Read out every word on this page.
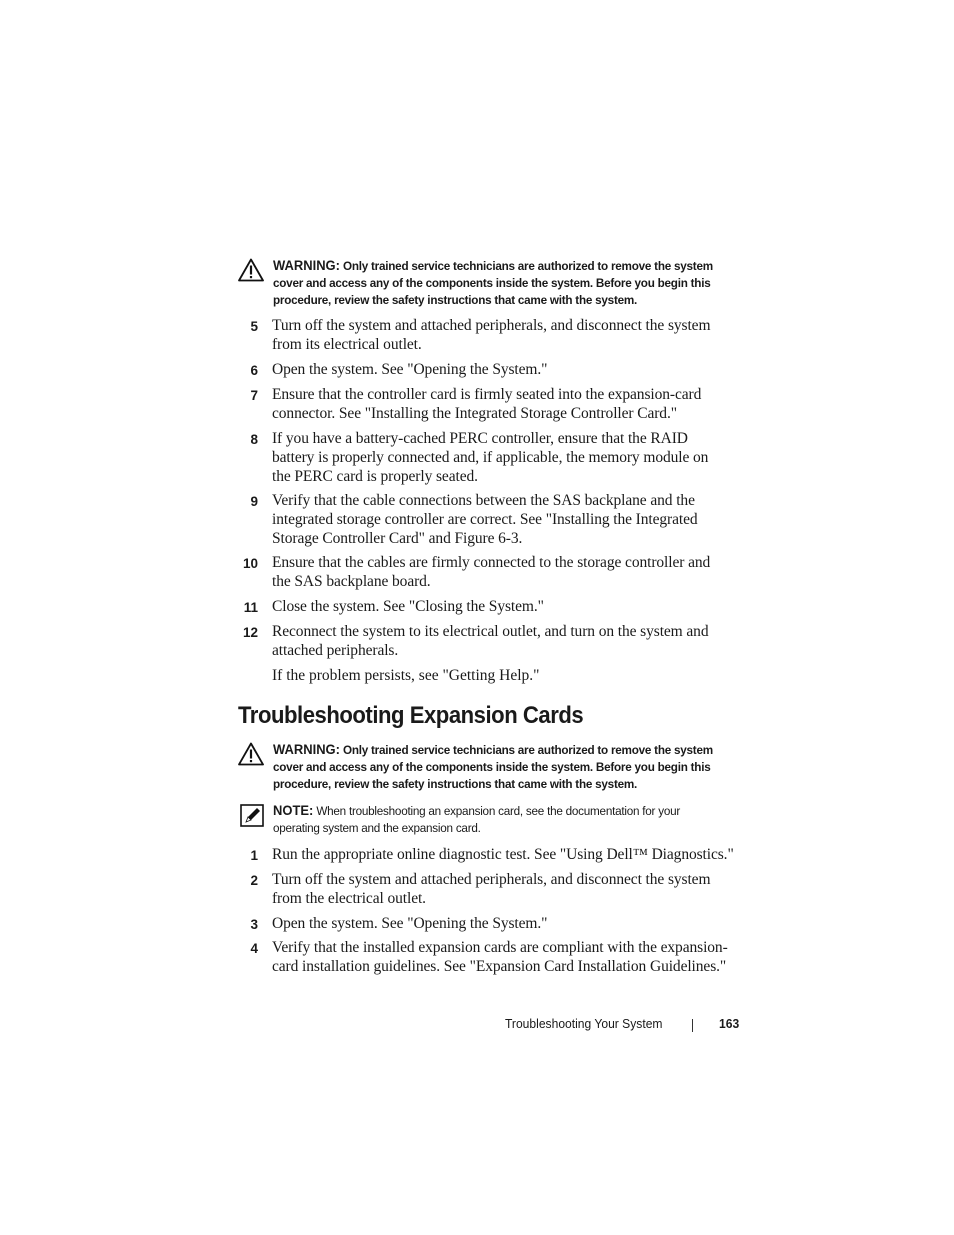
WARNING: Only trained service technicians are authorized to remove the system
cover and access any of the components inside the system. Before you begin this
procedure, review the safety instructions that came with the system.
5 Turn off the system and attached peripherals, and disconnect the system
from its electrical outlet.
6 Open the system. See "Opening the System."
7 Ensure that the controller card is firmly seated into the expansion-card
connector. See "Installing the Integrated Storage Controller Card."
8 If you have a battery-cached PERC controller, ensure that the RAID
battery is properly connected and, if applicable, the memory module on
the PERC card is properly seated.
9 Verify that the cable connections between the SAS backplane and the
integrated storage controller are correct. See "Installing the Integrated
Storage Controller Card" and Figure 6-3.
10 Ensure that the cables are firmly connected to the storage controller and
the SAS backplane board.
11 Close the system. See "Closing the System."
12 Reconnect the system to its electrical outlet, and turn on the system and
attached peripherals.
If the problem persists, see "Getting Help."
Troubleshooting Expansion Cards
WARNING: Only trained service technicians are authorized to remove the system
cover and access any of the components inside the system. Before you begin this
procedure, review the safety instructions that came with the system.
NOTE: When troubleshooting an expansion card, see the documentation for your
operating system and the expansion card.
1 Run the appropriate online diagnostic test. See "Using Dell™ Diagnostics."
2 Turn off the system and attached peripherals, and disconnect the system
from the electrical outlet.
3 Open the system. See "Opening the System."
4 Verify that the installed expansion cards are compliant with the expansion-
card installation guidelines. See "Expansion Card Installation Guidelines."
Troubleshooting Your System	163
